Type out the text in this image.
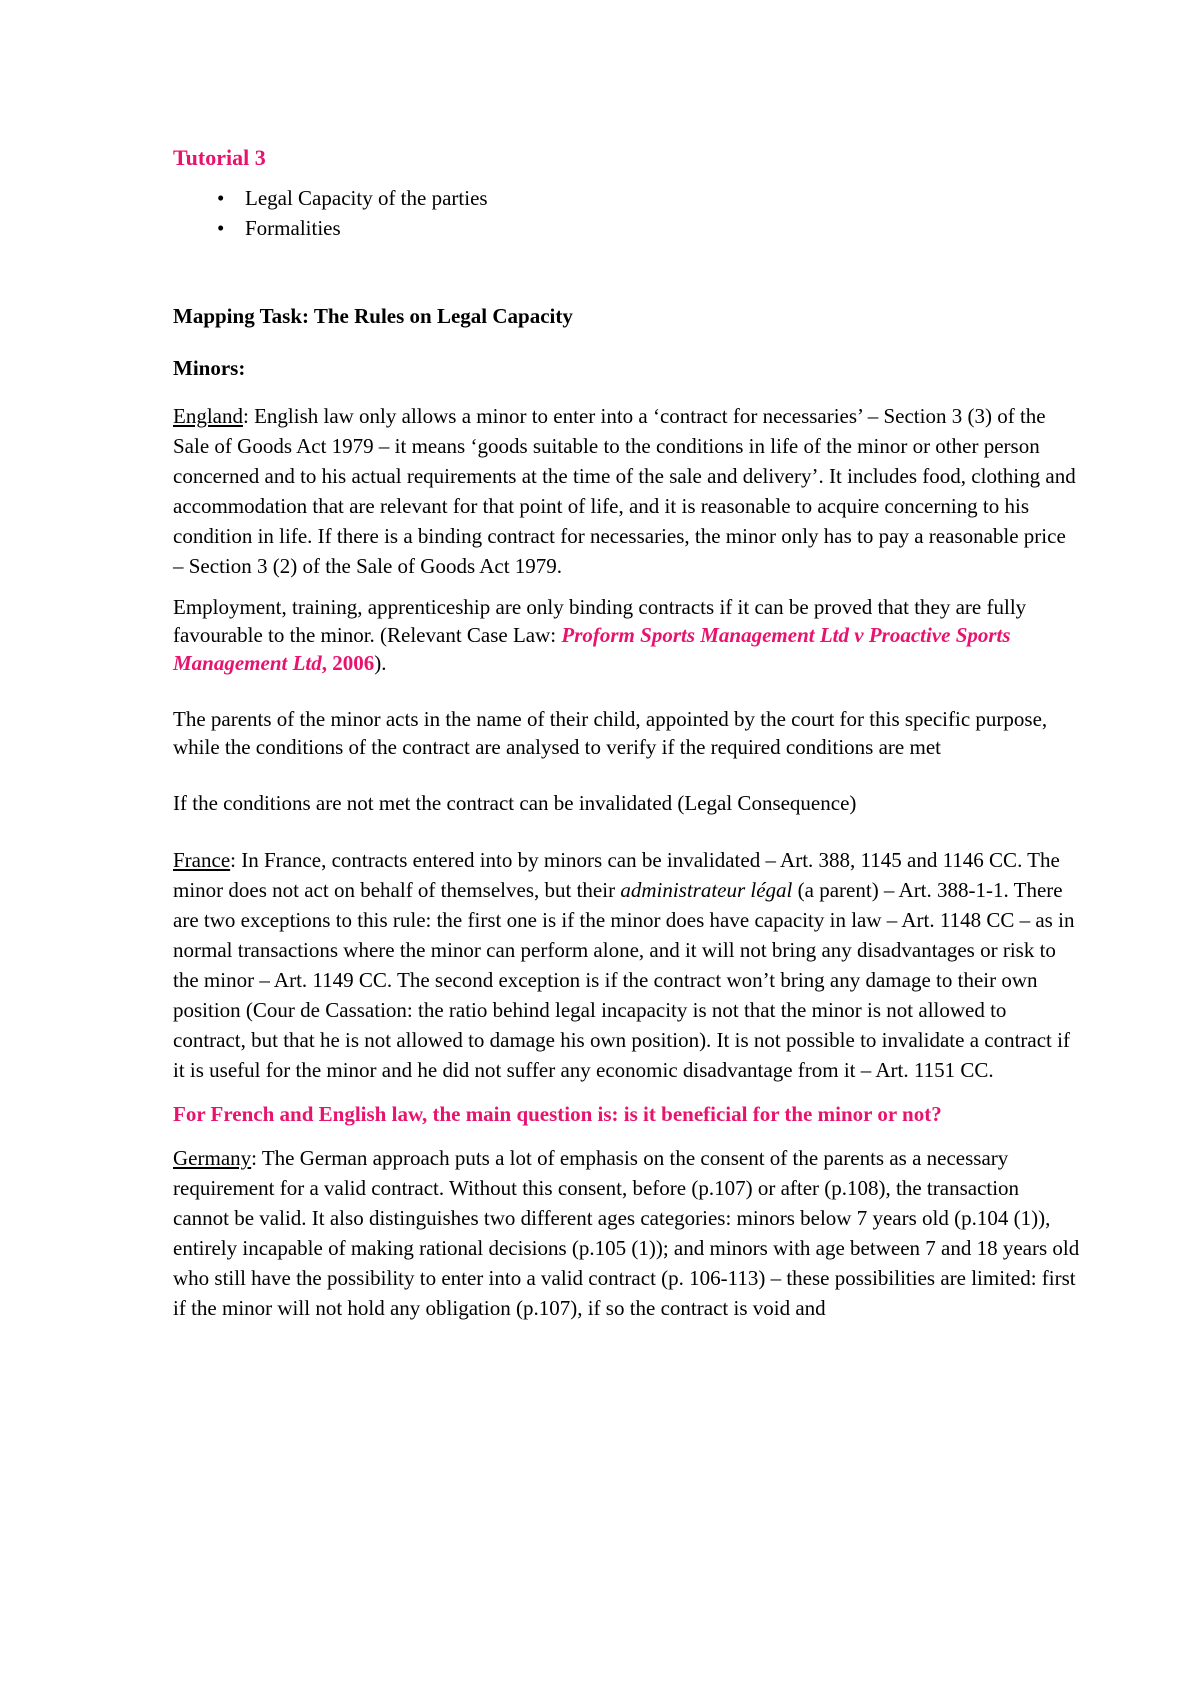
Tutorial 3

• Legal Capacity of the parties
• Formalities

Mapping Task: The Rules on Legal Capacity

Minors:

England: English law only allows a minor to enter into a ‘contract for necessaries’ – Section 3 (3) of the Sale of Goods Act 1979 – it means ‘goods suitable to the conditions in life of the minor or other person concerned and to his actual requirements at the time of the sale and delivery’. It includes food, clothing and accommodation that are relevant for that point of life, and it is reasonable to acquire concerning to his condition in life. If there is a binding contract for necessaries, the minor only has to pay a reasonable price – Section 3 (2) of the Sale of Goods Act 1979.

Employment, training, apprenticeship are only binding contracts if it can be proved that they are fully favourable to the minor. (Relevant Case Law: Proform Sports Management Ltd v Proactive Sports Management Ltd, 2006).

The parents of the minor acts in the name of their child, appointed by the court for this specific purpose, while the conditions of the contract are analysed to verify if the required conditions are met

If the conditions are not met the contract can be invalidated (Legal Consequence)

France: In France, contracts entered into by minors can be invalidated – Art. 388, 1145 and 1146 CC. The minor does not act on behalf of themselves, but their administrateur légal (a parent) – Art. 388-1-1. There are two exceptions to this rule: the first one is if the minor does have capacity in law – Art. 1148 CC – as in normal transactions where the minor can perform alone, and it will not bring any disadvantages or risk to the minor – Art. 1149 CC. The second exception is if the contract won’t bring any damage to their own position (Cour de Cassation: the ratio behind legal incapacity is not that the minor is not allowed to contract, but that he is not allowed to damage his own position). It is not possible to invalidate a contract if it is useful for the minor and he did not suffer any economic disadvantage from it – Art. 1151 CC.

For French and English law, the main question is: is it beneficial for the minor or not?

Germany: The German approach puts a lot of emphasis on the consent of the parents as a necessary requirement for a valid contract. Without this consent, before (p.107) or after (p.108), the transaction cannot be valid. It also distinguishes two different ages categories: minors below 7 years old (p.104 (1)), entirely incapable of making rational decisions (p.105 (1)); and minors with age between 7 and 18 years old who still have the possibility to enter into a valid contract (p. 106-113) – these possibilities are limited: first if the minor will not hold any obligation (p.107), if so the contract is void and
